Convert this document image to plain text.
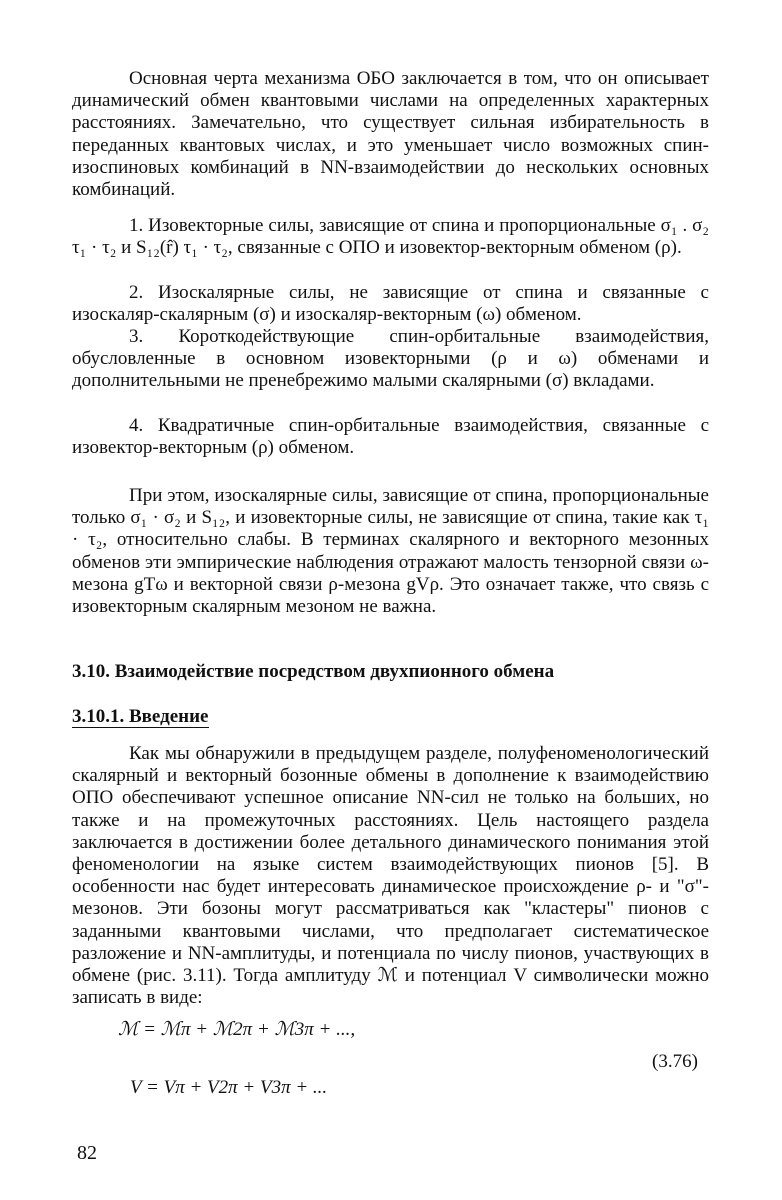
Основная черта механизма ОБО заключается в том, что он описывает динамический обмен квантовыми числами на определенных характерных расстояниях. Замечательно, что существует сильная избирательность в переданных квантовых числах, и это уменьшает число возможных спин-изоспиновых комбинаций в NN-взаимодействии до нескольких основных комбинаций.

1. Изовекторные силы, зависящие от спина и пропорциональные σ₁ . σ₂ τ₁ · τ₂ и S₁₂(r̂) τ₁ · τ₂, связанные с ОПО и изовектор-векторным обменом (ρ).

2. Изоскалярные силы, не зависящие от спина и связанные с изоскаляр-скалярным (σ) и изоскаляр-векторным (ω) обменом.

3. Короткодействующие спин-орбитальные взаимодействия, обусловленные в основном изовекторными (ρ и ω) обменами и дополнительными не пренебрежимо малыми скалярными (σ) вкладами.

4. Квадратичные спин-орбитальные взаимодействия, связанные с изовектор-векторным (ρ) обменом.

При этом, изоскалярные силы, зависящие от спина, пропорциональные только σ₁ · σ₂ и S₁₂, и изовекторные силы, не зависящие от спина, такие как τ₁ · τ₂, относительно слабы. В терминах скалярного и векторного мезонных обменов эти эмпирические наблюдения отражают малость тензорной связи ω-мезона gTω и векторной связи ρ-мезона gVρ. Это означает также, что связь с изовекторным скалярным мезоном не важна.

3.10. Взаимодействие посредством двухпионного обмена

3.10.1. Введение

Как мы обнаружили в предыдущем разделе, полуфеноменологический скалярный и векторный бозонные обмены в дополнение к взаимодействию ОПО обеспечивают успешное описание NN-сил не только на больших, но также и на промежуточных расстояниях. Цель настоящего раздела заключается в достижении более детального динамического понимания этой феноменологии на языке систем взаимодействующих пионов [5]. В особенности нас будет интересовать динамическое происхождение ρ- и "σ"-мезонов. Эти бозоны могут рассматриваться как "кластеры" пионов с заданными квантовыми числами, что предполагает систематическое разложение и NN-амплитуды, и потенциала по числу пионов, участвующих в обмене (рис. 3.11). Тогда амплитуду ℳ и потенциал V символически можно записать в виде:

ℳ = ℳπ + ℳ2π + ℳ3π + ...,

V = Vπ + V2π + V3π + ...

(3.76)

82
